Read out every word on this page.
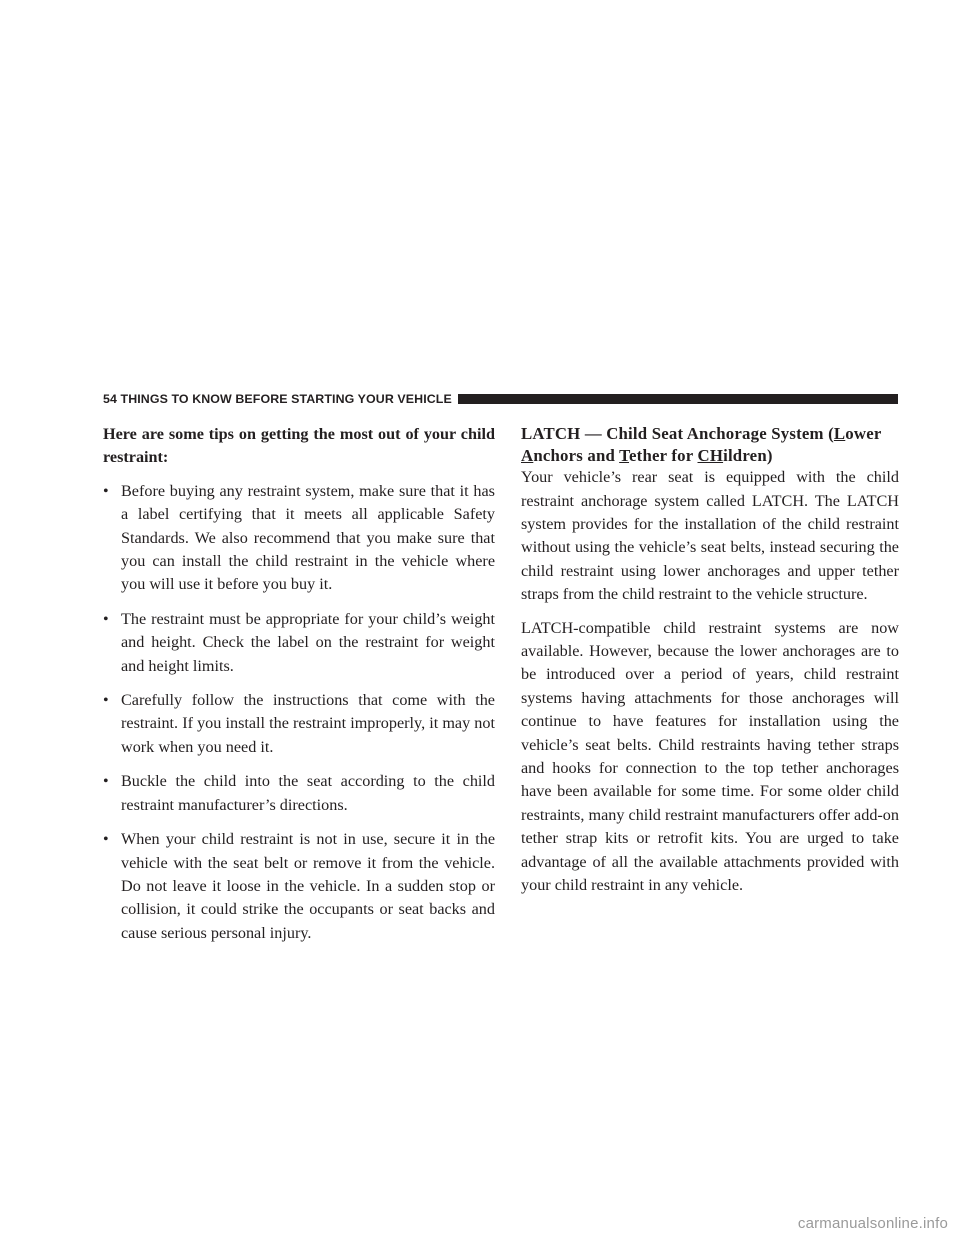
54 THINGS TO KNOW BEFORE STARTING YOUR VEHICLE

Here are some tips on getting the most out of your child restraint:

• Before buying any restraint system, make sure that it has a label certifying that it meets all applicable Safety Standards. We also recommend that you make sure that you can install the child restraint in the vehicle where you will use it before you buy it.
• The restraint must be appropriate for your child’s weight and height. Check the label on the restraint for weight and height limits.
• Carefully follow the instructions that come with the restraint. If you install the restraint improperly, it may not work when you need it.
• Buckle the child into the seat according to the child restraint manufacturer’s directions.
• When your child restraint is not in use, secure it in the vehicle with the seat belt or remove it from the vehicle. Do not leave it loose in the vehicle. In a sudden stop or collision, it could strike the occupants or seat backs and cause serious personal injury.
LATCH — Child Seat Anchorage System (Lower Anchors and Tether for CHildren)

Your vehicle’s rear seat is equipped with the child restraint anchorage system called LATCH. The LATCH system provides for the installation of the child restraint without using the vehicle’s seat belts, instead securing the child restraint using lower anchorages and upper tether straps from the child restraint to the vehicle structure.

LATCH-compatible child restraint systems are now available. However, because the lower anchorages are to be introduced over a period of years, child restraint systems having attachments for those anchorages will continue to have features for installation using the vehicle’s seat belts. Child restraints having tether straps and hooks for connection to the top tether anchorages have been available for some time. For some older child restraints, many child restraint manufacturers offer add-on tether strap kits or retrofit kits. You are urged to take advantage of all the available attachments provided with your child restraint in any vehicle.

carmanualsonline.info
